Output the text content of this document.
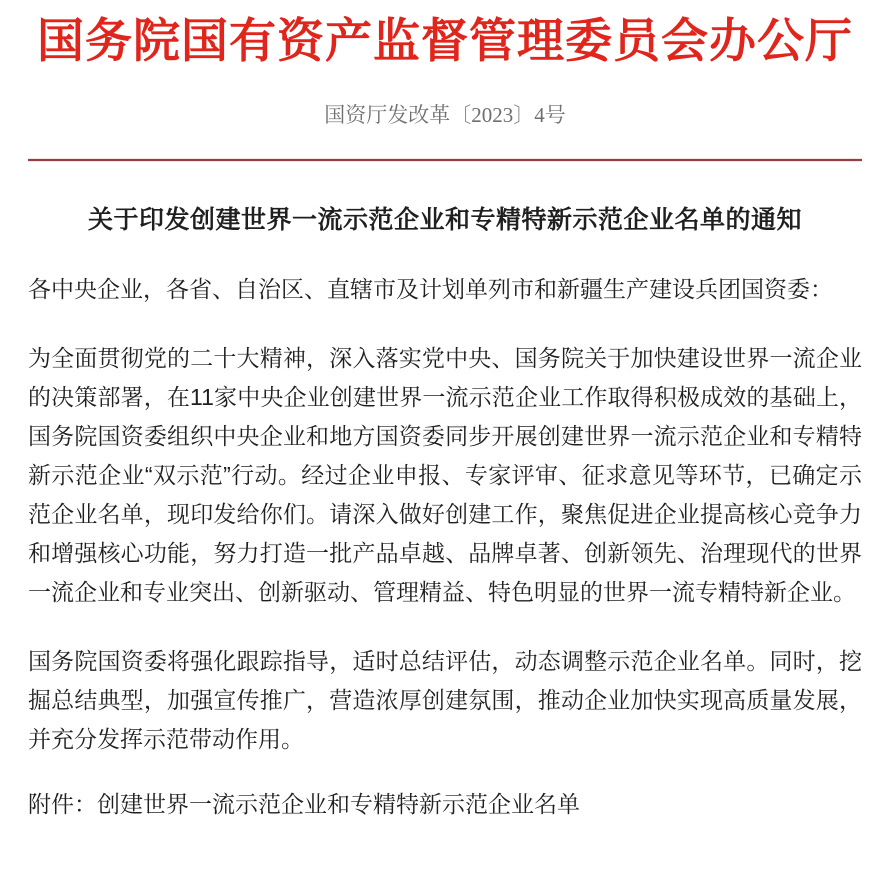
国务院国有资产监督管理委员会办公厅
国资厅发改革〔2023〕4号
关于印发创建世界一流示范企业和专精特新示范企业名单的通知

各中央企业，各省、自治区、直辖市及计划单列市和新疆生产建设兵团国资委：

为全面贯彻党的二十大精神，深入落实党中央、国务院关于加快建设世界一流企业的决策部署，在11家中央企业创建世界一流示范企业工作取得积极成效的基础上，国务院国资委组织中央企业和地方国资委同步开展创建世界一流示范企业和专精特新示范企业“双示范”行动。经过企业申报、专家评审、征求意见等环节，已确定示范企业名单，现印发给你们。请深入做好创建工作，聚焦促进企业提高核心竞争力和增强核心功能，努力打造一批产品卓越、品牌卓著、创新领先、治理现代的世界一流企业和专业突出、创新驱动、管理精益、特色明显的世界一流专精特新企业。

国务院国资委将强化跟踪指导，适时总结评估，动态调整示范企业名单。同时，挖掘总结典型，加强宣传推广，营造浓厚创建氛围，推动企业加快实现高质量发展，并充分发挥示范带动作用。

附件：创建世界一流示范企业和专精特新示范企业名单
